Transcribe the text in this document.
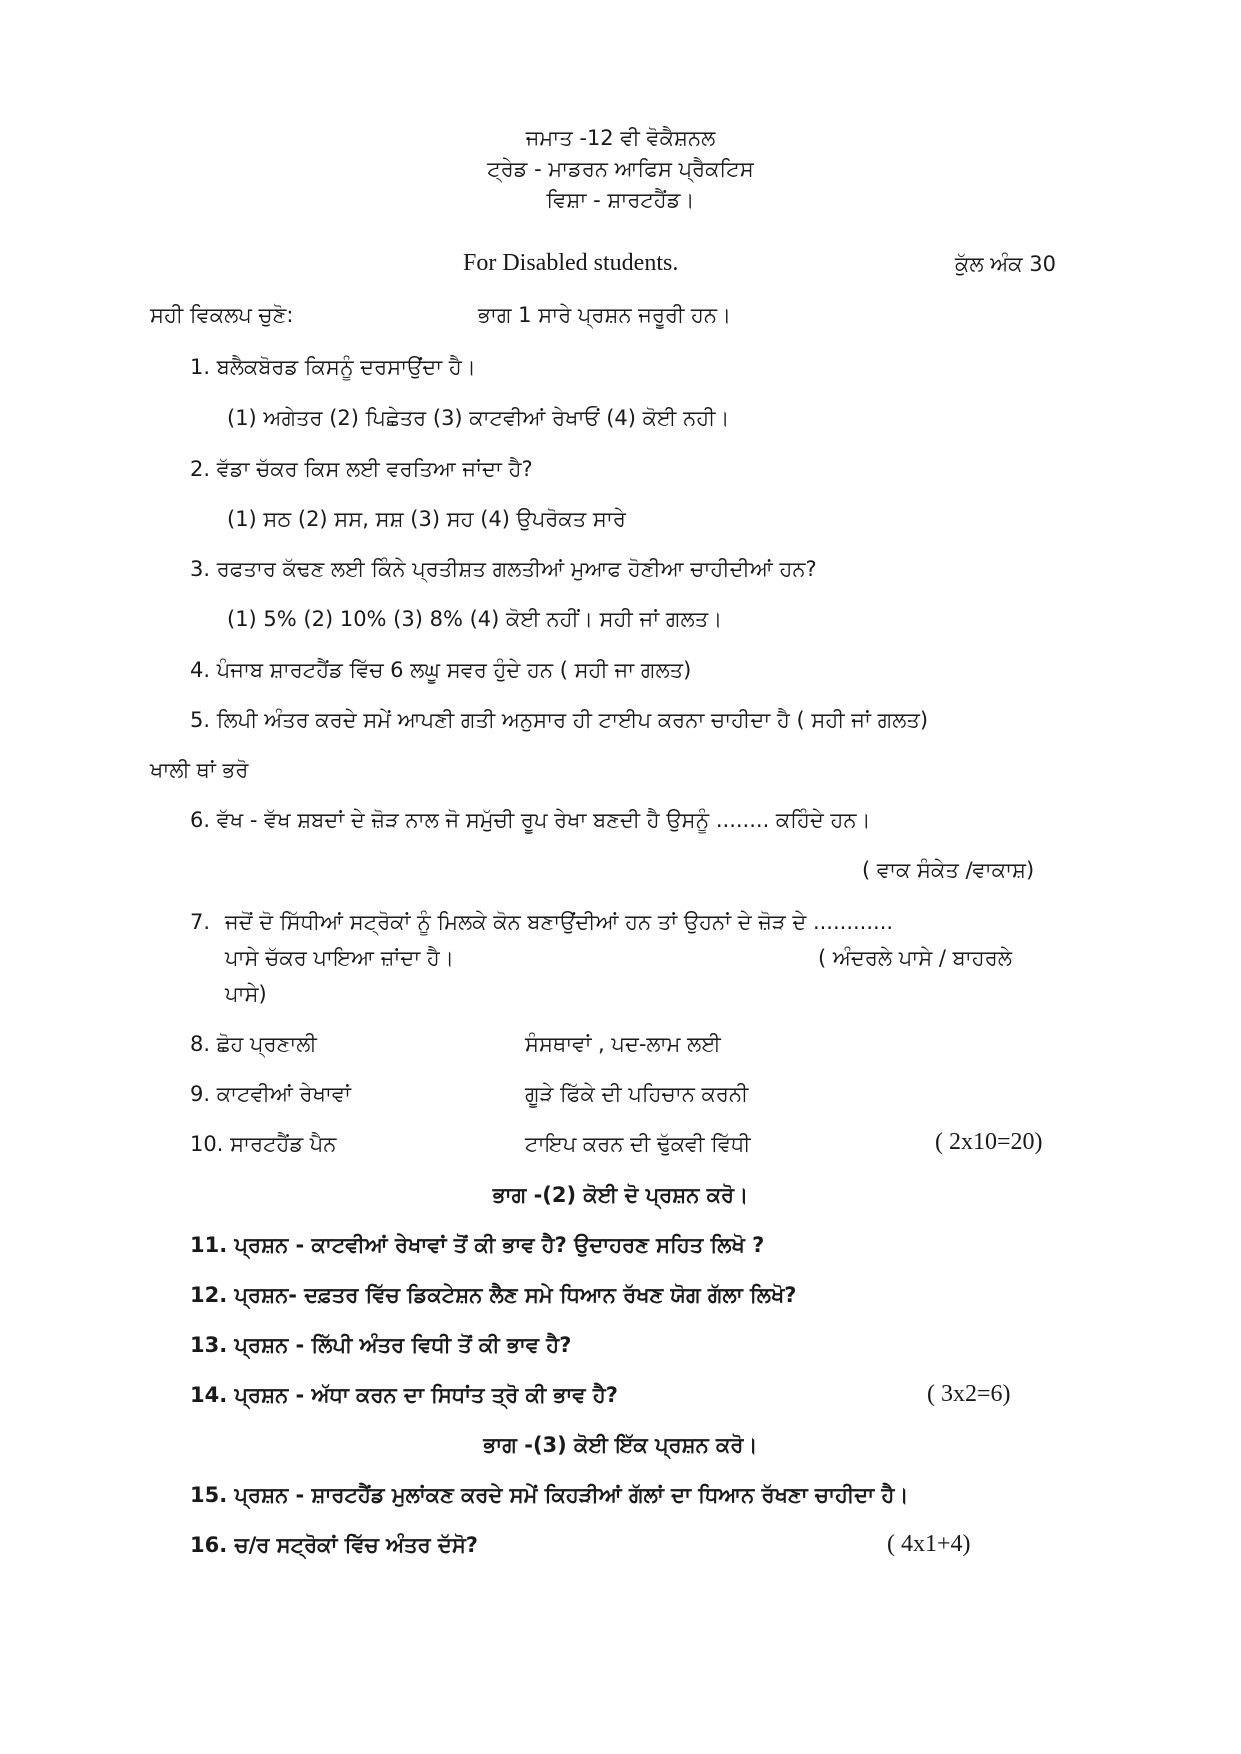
ਜਮਾਤ -12 ਵੀ ਵੋਕੈਸ਼ਨਲ
ਟ੍ਰੇਡ - ਮਾਡਰਨ ਆਫਿਸ ਪ੍ਰੈਕਟਿਸ
ਵਿਸ਼ਾ - ਸ਼ਾਰਟਹੈਂਡ।
For Disabled students.	ਕੁੱਲ ਅੰਕ 30
ਸਹੀ ਵਿਕਲਪ ਚੁਣੋ:	ਭਾਗ 1 ਸਾਰੇ ਪ੍ਰਸ਼ਨ ਜਰੂਰੀ ਹਨ।
1. ਬਲੈਕਬੋਰਡ ਕਿਸਨੂੰ ਦਰਸਾਉਂਦਾ ਹੈ।
(1) ਅਗੇਤਰ (2) ਪਿਛੇਤਰ (3) ਕਾਟਵੀਆਂ ਰੇਖਾਓਂ (4) ਕੋਈ ਨਹੀ।
2. ਵੱਡਾ ਚੱਕਰ ਕਿਸ ਲਈ ਵਰਤਿਆ ਜਾਂਦਾ ਹੈ?
(1) ਸਠ (2) ਸਸ, ਸਸ਼ (3) ਸਹ (4) ਉਪਰੋਕਤ ਸਾਰੇ
3. ਰਫਤਾਰ ਕੱਢਣ ਲਈ ਕਿੰਨੇ ਪ੍ਰਤੀਸ਼ਤ ਗਲਤੀਆਂ ਮੁਆਫ ਹੋਣੀਆ ਚਾਹੀਦੀਆਂ ਹਨ?
(1) 5% (2) 10% (3) 8% (4) ਕੋਈ ਨਹੀਂ। ਸਹੀ ਜਾਂ ਗਲਤ।
4. ਪੰਜਾਬ ਸ਼ਾਰਟਹੈਂਡ ਵਿੱਚ 6 ਲਘੂ ਸਵਰ ਹੁੰਦੇ ਹਨ ( ਸਹੀ ਜਾ ਗਲਤ)
5. ਲਿਪੀ ਅੰਤਰ ਕਰਦੇ ਸਮੇਂ ਆਪਣੀ ਗਤੀ ਅਨੁਸਾਰ ਹੀ ਟਾਈਪ ਕਰਨਾ ਚਾਹੀਦਾ ਹੈ ( ਸਹੀ ਜਾਂ ਗਲਤ)
ਖਾਲੀ ਥਾਂ ਭਰੋ
6. ਵੱਖ - ਵੱਖ ਸ਼ਬਦਾਂ ਦੇ ਜ਼ੋੜ ਨਾਲ ਜੋ ਸਮੁੱਚੀ ਰੂਪ ਰੇਖਾ ਬਣਦੀ ਹੈ ਉਸਨੂੰ ........ ਕਹਿੰਦੇ ਹਨ।
( ਵਾਕ ਸੰਕੇਤ /ਵਾਕਾਸ਼)
7. ਜਦੋਂ ਦੋ ਸਿੱਧੀਆਂ ਸਟ੍ਰੋਕਾਂ ਨੂੰ ਮਿਲਕੇ ਕੋਨ ਬਣਾਉਂਦੀਆਂ ਹਨ ਤਾਂ ਉਹਨਾਂ ਦੇ ਜ਼ੋੜ ਦੇ ............
ਪਾਸੇ ਚੱਕਰ ਪਾਇਆ ਜ਼ਾਂਦਾ ਹੈ।	( ਅੰਦਰਲੇ ਪਾਸੇ / ਬਾਹਰਲੇ
ਪਾਸੇ)
8. ਛੋਹ ਪ੍ਰਣਾਲੀ	ਸੰਸਥਾਵਾਂ , ਪਦ-ਲਾਮ ਲਈ
9. ਕਾਟਵੀਆਂ ਰੇਖਾਵਾਂ	ਗੂੜੇ ਫਿੱਕੇ ਦੀ ਪਹਿਚਾਨ ਕਰਨੀ
10. ਸਾਰਟਹੈਂਡ ਪੈਨ	ਟਾਇਪ ਕਰਨ ਦੀ ਢੁੱਕਵੀ ਵਿੱਧੀ	( 2x10=20)
ਭਾਗ -(2) ਕੋਈ ਦੋ ਪ੍ਰਸ਼ਨ ਕਰੋ।
11. ਪ੍ਰਸ਼ਨ - ਕਾਟਵੀਆਂ ਰੇਖਾਵਾਂ ਤੋਂ ਕੀ ਭਾਵ ਹੈ? ਉਦਾਹਰਣ ਸਹਿਤ ਲਿਖੋ ?
12. ਪ੍ਰਸ਼ਨ- ਦਫ਼ਤਰ ਵਿੱਚ ਡਿਕਟੇਸ਼ਨ ਲੈਣ ਸਮੇ ਧਿਆਨ ਰੱਖਣ ਯੋਗ ਗੱਲਾ ਲਿਖੋ?
13. ਪ੍ਰਸ਼ਨ - ਲਿੱਪੀ ਅੰਤਰ ਵਿਧੀ ਤੋਂ ਕੀ ਭਾਵ ਹੈ?
14. ਪ੍ਰਸ਼ਨ - ਅੱਧਾ ਕਰਨ ਦਾ ਸਿਧਾਂਤ ਤ੍ਰੋ ਕੀ ਭਾਵ ਹੈ?	( 3x2=6)
ਭਾਗ -(3) ਕੋਈ ਇੱਕ ਪ੍ਰਸ਼ਨ ਕਰੋ।
15. ਪ੍ਰਸ਼ਨ - ਸ਼ਾਰਟਹੈਂਡ ਮੁਲਾਂਕਣ ਕਰਦੇ ਸਮੇਂ ਕਿਹੜੀਆਂ ਗੱਲਾਂ ਦਾ ਧਿਆਨ ਰੱਖਣਾ ਚਾਹੀਦਾ ਹੈ।
16. ਚ/ਰ ਸਟ੍ਰੋਕਾਂ ਵਿੱਚ ਅੰਤਰ ਦੱਸੋ?	( 4x1+4)
